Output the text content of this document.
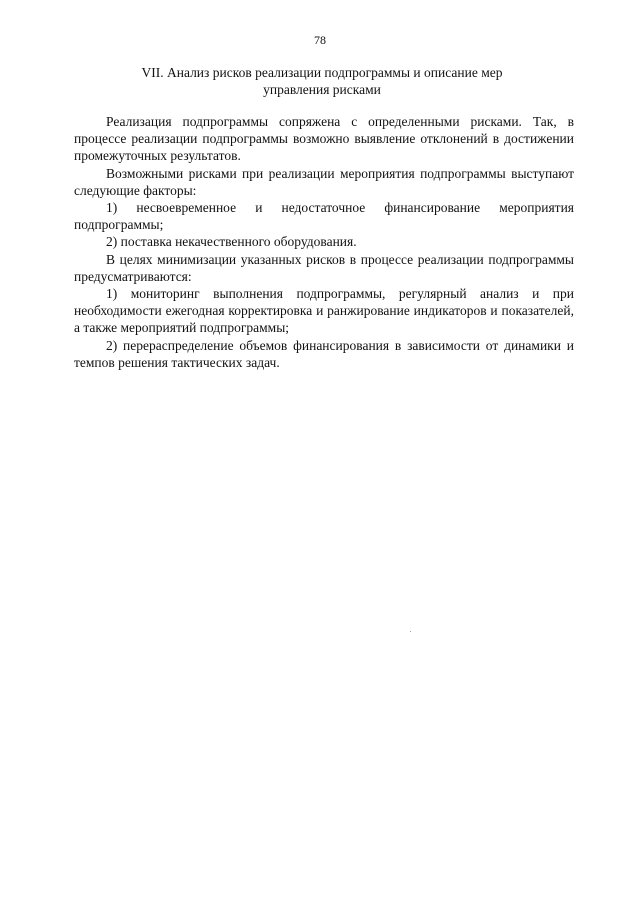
78
VII. Анализ рисков реализации подпрограммы и описание мер
управления рисками

Реализация подпрограммы сопряжена с определенными рисками. Так, в процессе реализации подпрограммы возможно выявление отклонений в достижении промежуточных результатов.

Возможными рисками при реализации мероприятия подпрограммы выступают следующие факторы:

1) несвоевременное и недостаточное финансирование мероприятия подпрограммы;

2) поставка некачественного оборудования.

В целях минимизации указанных рисков в процессе реализации подпрограммы предусматриваются:

1) мониторинг выполнения подпрограммы, регулярный анализ и при необходимости ежегодная корректировка и ранжирование индикаторов и показателей, а также мероприятий подпрограммы;

2) перераспределение объемов финансирования в зависимости от динамики и темпов решения тактических задач.
